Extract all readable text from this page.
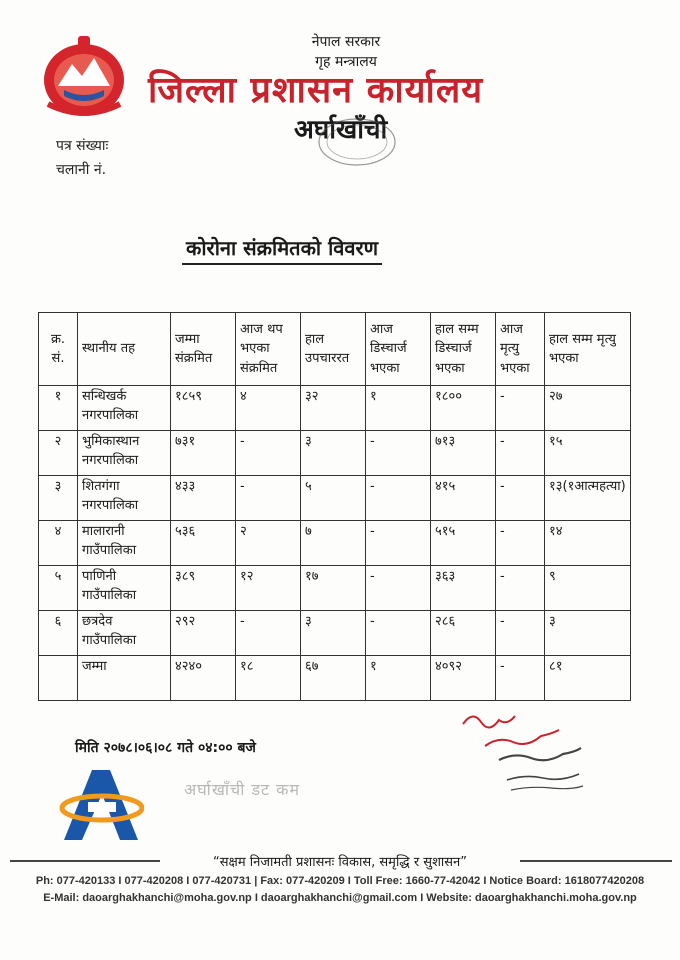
नेपाल सरकार
गृह मन्त्रालय
जिल्ला प्रशासन कार्यालय
अर्घाखाँची
पत्र संख्याः
चलानी नं.
कोरोना संक्रमितको विवरण
क्र. सं.	स्थानीय तह	जम्मा संक्रमित	आज थप भएका संक्रमित	हाल उपचाररत	आज डिस्चार्ज भएका	हाल सम्म डिस्चार्ज भएका	आज मृत्यु भएका	हाल सम्म मृत्यु भएका
१	सन्धिखर्क नगरपालिका	१८५९	४	३२	१	१८००	-	२७
२	भुमिकास्थान नगरपालिका	७३१	-	३	-	७१३	-	१५
३	शितगंगा नगरपालिका	४३३	-	५	-	४१५	-	१३(१आत्महत्या)
४	मालारानी गाउँपालिका	५३६	२	७	-	५१५	-	१४
५	पाणिनी गाउँपालिका	३८९	१२	१७	-	३६३	-	९
६	छत्रदेव गाउँपालिका	२९२	-	३	-	२८६	-	३
	जम्मा	४२४०	१८	६७	१	४०९२	-	८१
मिति २०७८।०६।०८ गते ०४:०० बजे
अर्घाखाँची डट कम
“सक्षम निजामती प्रशासनः विकास, समृद्धि र सुशासन”
Ph: 077-420133 I 077-420208 I 077-420731 | Fax: 077-420209 I Toll Free: 1660-77-42042 I Notice Board: 1618077420208
E-Mail: daoarghakhanchi@moha.gov.np I daoarghakhanchi@gmail.com I Website: daoarghakhanchi.moha.gov.np
